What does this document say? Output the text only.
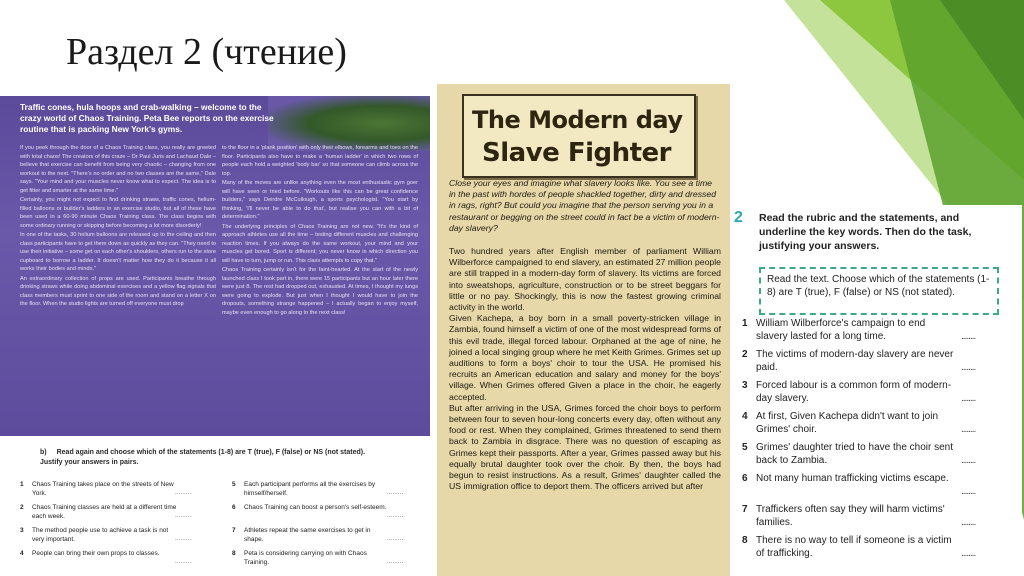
Раздел 2 (чтение)
Traffic cones, hula hoops and crab-walking – welcome to the crazy world of Chaos Training. Peta Bee reports on the exercise routine that is packing New York's gyms.

If you peek through the door of a Chaos Training class, you really are greeted with total chaos! The creators of this craze – Dr Paul Juris and Lachaud Dale – believe that exercise can benefit from being very chaotic – changing from one workout to the next. "There's no order and no two classes are the same," Dale says. "Your mind and your muscles never know what to expect. The idea is to get fitter and smarter at the same time."

Certainly, you might not expect to find drinking straws, traffic cones, helium-filled balloons or builder's ladders in an exercise studio, but all of these have been used in a 60-90 minute Chaos Training class. The class begins with some ordinary running or skipping before becoming a lot more disorderly!

In one of the tasks, 30 helium balloons are released up to the ceiling and then class participants have to get them down as quickly as they can. "They need to use their initiative – some get on each other's shoulders, others run to the store cupboard to borrow a ladder. It doesn't matter how they do it because it all works their bodies and minds."

An extraordinary collection of props are used. Participants breathe through drinking straws while doing abdominal exercises and a yellow flag signals that class members must sprint to one side of the room and stand on a letter X on the floor. When the studio lights are turned off everyone must drop

to the floor in a 'plank position' with only their elbows, forearms and toes on the floor. Participants also have to make a 'human ladder' in which two rows of people each hold a weighted 'body bar' so that someone can climb across the top.

Many of the moves are unlike anything even the most enthusiastic gym goer will have seen or tried before. "Workouts like this can be great confidence builders," says Deirdre McCullough, a sports psychologist. "You start by thinking, 'I'll never be able to do that', but realise you can with a bit of determination."

The underlying principles of Chaos Training are not new. "It's the kind of approach athletes use all the time – testing different muscles and challenging reaction times. If you always do the same workout, your mind and your muscles get bored. Sport is different; you never know in which direction you will have to turn, jump or run. This class attempts to copy that."

Chaos Training certainly isn't for the faint-hearted. At the start of the newly launched class I took part in, there were 15 participants but an hour later there were just 8. The rest had dropped out, exhausted. At times, I thought my lungs were going to explode. But just when I thought I would have to join the dropouts, something strange happened – I actually began to enjoy myself, maybe even enough to go along to the next class!

b) Read again and choose which of the statements (1-8) are T (true), F (false) or NS (not stated). Justify your answers in pairs.
1 Chaos Training takes place on the streets of New York.	.........
2 Chaos Training classes are held at a different time each week.	.........
3 The method people use to achieve a task is not very important.	.........
4 People can bring their own props to classes.
.........
5 Each participant performs all the exercises by himself/herself.	.........
6 Chaos Training can boost a person's self-esteem.
.........
7 Athletes repeat the same exercises to get in shape.	.........
8 Peta is considering carrying on with Chaos Training.	.........
The Modern day
Slave Fighter
Close your eyes and imagine what slavery looks like. You see a time in the past with hordes of people shackled together, dirty and dressed in rags, right? But could you imagine that the person serving you in a restaurant or begging on the street could in fact be a victim of modern-day slavery?

Two hundred years after English member of parliament William Wilberforce campaigned to end slavery, an estimated 27 million people are still trapped in a modern-day form of slavery. Its victims are forced into sweatshops, agriculture, construction or to be street beggars for little or no pay. Shockingly, this is now the fastest growing criminal activity in the world.

Given Kachepa, a boy born in a small poverty-stricken village in Zambia, found himself a victim of one of the most widespread forms of this evil trade, illegal forced labour. Orphaned at the age of nine, he joined a local singing group where he met Keith Grimes. Grimes set up auditions to form a boys' choir to tour the USA. He promised his recruits an American education and salary and money for the boys' village. When Grimes offered Given a place in the choir, he eagerly accepted.

But after arriving in the USA, Grimes forced the choir boys to perform between four to seven hour-long concerts every day, often without any food or rest. When they complained, Grimes threatened to send them back to Zambia in disgrace. There was no question of escaping as Grimes kept their passports. After a year, Grimes passed away but his equally brutal daughter took over the choir. By then, the boys had begun to resist instructions. As a result, Grimes' daughter called the US immigration office to deport them. The officers arrived but after

2 Read the rubric and the statements, and underline the key words. Then do the task, justifying your answers.
Read the text. Choose which of the statements (1-8) are T (true), F (false) or NS (not stated).
1 William Wilberforce's campaign to end slavery lasted for a long time.	........
2 The victims of modern-day slavery are never paid.	........
3 Forced labour is a common form of modern-day slavery.	........
4 At first, Given Kachepa didn't want to join Grimes' choir.	........
5 Grimes' daughter tried to have the choir sent back to Zambia.	........
6 Not many human trafficking victims escape.
........
7 Traffickers often say they will harm victims' families.	........
8 There is no way to tell if someone is a victim of trafficking.	........
